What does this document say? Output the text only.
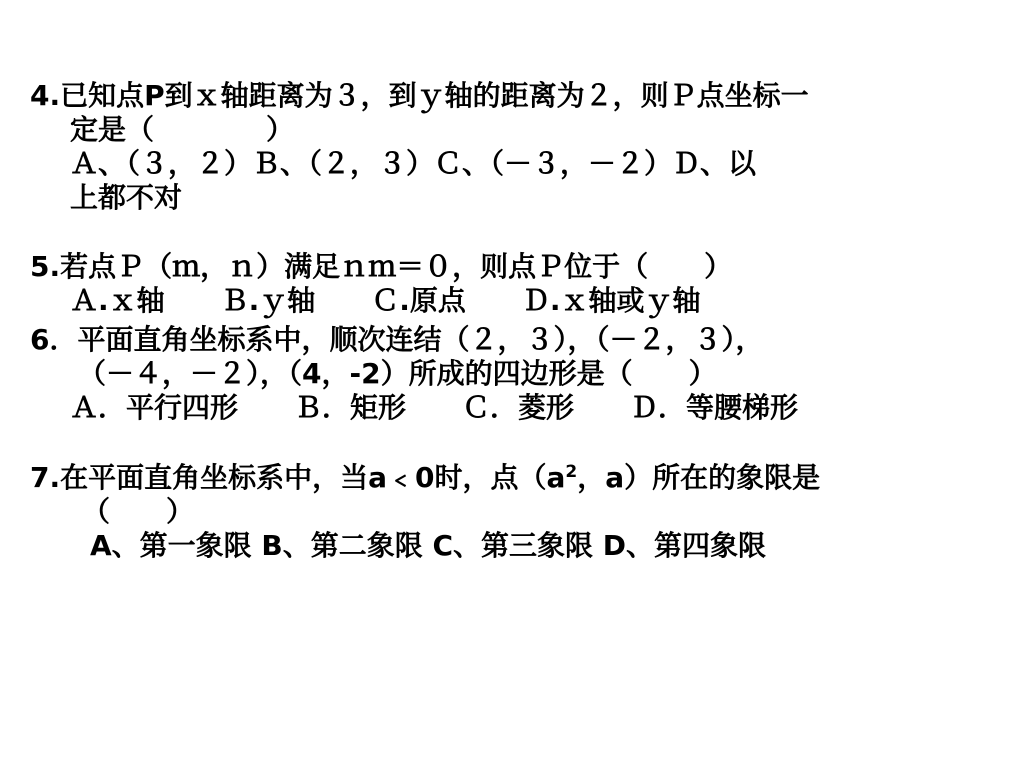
4.已知点P到ｘ轴距离为３，到ｙ轴的距离为２，则Ｐ点坐标一
定是（　　　　）
Ａ、（３，２）Ｂ、（２，３）Ｃ、（－３，－２）Ｄ、以
上都不对
5.若点Ｐ（ｍ，ｎ）满足ｎｍ＝０，则点Ｐ位于（　　）
Ａ.ｘ轴　　Ｂ.ｙ轴　　Ｃ.原点　　Ｄ.ｘ轴或ｙ轴
6．平面直角坐标系中，顺次连结（２，３），（－２，３），
（－４，－２），（4，-2）所成的四边形是（　　）
Ａ．平行四形　　Ｂ．矩形　　Ｃ．菱形　　Ｄ．等腰梯形
7.在平面直角坐标系中，当a﹤0时，点（$a^2$，a）所在的象限是
（　　）
A、第一象限 B、第二象限 C、第三象限 D、第四象限
